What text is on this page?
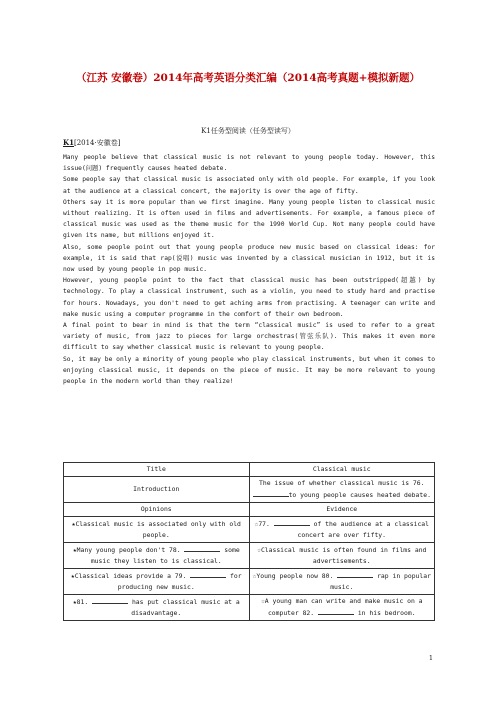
（江苏 安徽卷）2014年高考英语分类汇编（2014高考真题+模拟新题）
K1任务型阅读（任务型读写）
K1[2014·安徽卷]

Many people believe that classical music is not relevant to young people today. However, this issue(问题) frequently causes heated debate.

Some people say that classical music is associated only with old people. For example, if you look at the audience at a classical concert, the majority is over the age of fifty.

Others say it is more popular than we first imagine. Many young people listen to classical music without realizing. It is often used in films and advertisements. For example, a famous piece of classical music was used as the theme music for the 1990 World Cup. Not many people could have given its name, but millions enjoyed it.

Also, some people point out that young people produce new music based on classical ideas: for example, it is said that rap(说唱) music was invented by a classical musician in 1912, but it is now used by young people in pop music.

However, young people point to the fact that classical music has been outstripped(超越) by technology. To play a classical instrument, such as a violin, you need to study hard and practise for hours. Nowadays, you don't need to get aching arms from practising. A teenager can write and make music using a computer programme in the comfort of their own bedroom.

A final point to bear in mind is that the term “classical music” is used to refer to a great variety of music, from jazz to pieces for large orchestras(管弦乐队). This makes it even more difficult to say whether classical music is relevant to young people.

So, it may be only a minority of young people who play classical instruments, but when it comes to enjoying classical music, it depends on the piece of music. It may be more relevant to young people in the modern world than they realize!

Title	Classical music
Introduction	The issue of whether classical music is 76. to young people causes heated debate.
Opinions	Evidence
★Classical music is associated only with old people.	☆77. of the audience at a classical concert are over fifty.
★Many young people don't 78. some music they listen to is classical.	☆Classical music is often found in films and advertisements.
★Classical ideas provide a 79. for producing new music.	☆Young people now 80. rap in popular music.
★81. has put classical music at a disadvantage.	☆A young man can write and make music on a computer 82. in his bedroom.
1
